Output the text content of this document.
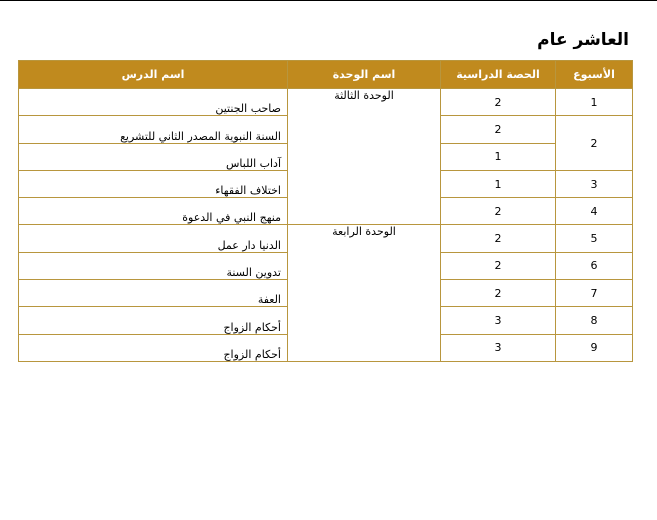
العاشر عام
الأسبوع	الحصة الدراسية	اسم الوحدة	اسم الدرس
1	2	الوحدة الثالثة	صاحب الجنتين
2	2		السنة النبوية المصدر الثاني للتشريع
	1		آداب اللباس
3	1		اختلاف الفقهاء
4	2		منهج النبي في الدعوة
5	2	الوحدة الرابعة	الدنيا دار عمل
6	2		تدوين السنة
7	2		العفة
8	3		أحكام الزواج
9	3		أحكام الزواج
